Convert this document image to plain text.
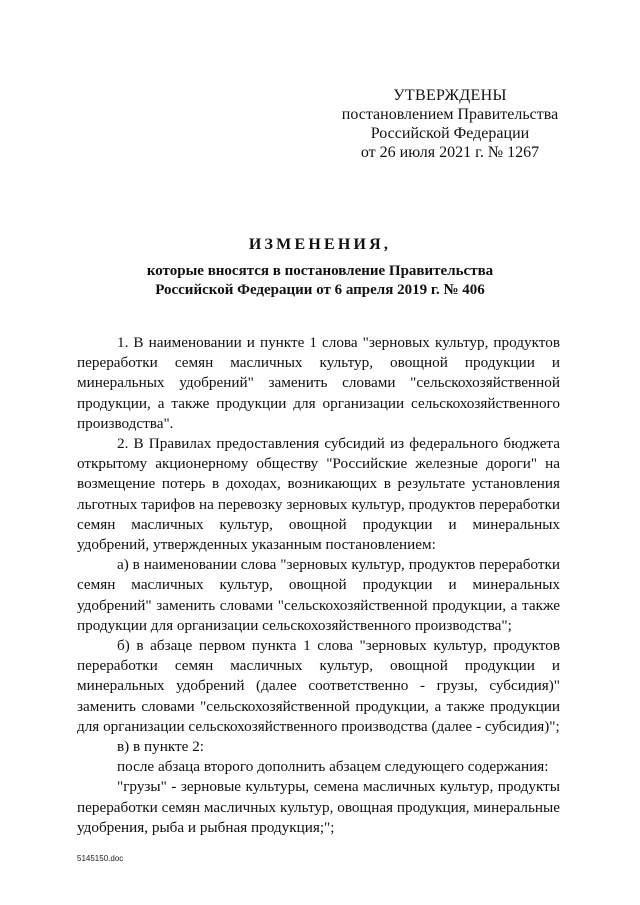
УТВЕРЖДЕНЫ
постановлением Правительства
Российской Федерации
от 26 июля 2021 г. № 1267
ИЗМЕНЕНИЯ,
которые вносятся в постановление Правительства
Российской Федерации от 6 апреля 2019 г. № 406

1. В наименовании и пункте 1 слова "зерновых культур, продуктов переработки семян масличных культур, овощной продукции и минеральных удобрений" заменить словами "сельскохозяйственной продукции, а также продукции для организации сельскохозяйственного производства".

2. В Правилах предоставления субсидий из федерального бюджета открытому акционерному обществу "Российские железные дороги" на возмещение потерь в доходах, возникающих в результате установления льготных тарифов на перевозку зерновых культур, продуктов переработки семян масличных культур, овощной продукции и минеральных удобрений, утвержденных указанным постановлением:

а) в наименовании слова "зерновых культур, продуктов переработки семян масличных культур, овощной продукции и минеральных удобрений" заменить словами "сельскохозяйственной продукции, а также продукции для организации сельскохозяйственного производства";

б) в абзаце первом пункта 1 слова "зерновых культур, продуктов переработки семян масличных культур, овощной продукции и минеральных удобрений (далее соответственно - грузы, субсидия)" заменить словами "сельскохозяйственной продукции, а также продукции для организации сельскохозяйственного производства (далее - субсидия)";

в) в пункте 2:

после абзаца второго дополнить абзацем следующего содержания:

"грузы" - зерновые культуры, семена масличных культур, продукты переработки семян масличных культур, овощная продукция, минеральные удобрения, рыба и рыбная продукция;";

5145150.doc
